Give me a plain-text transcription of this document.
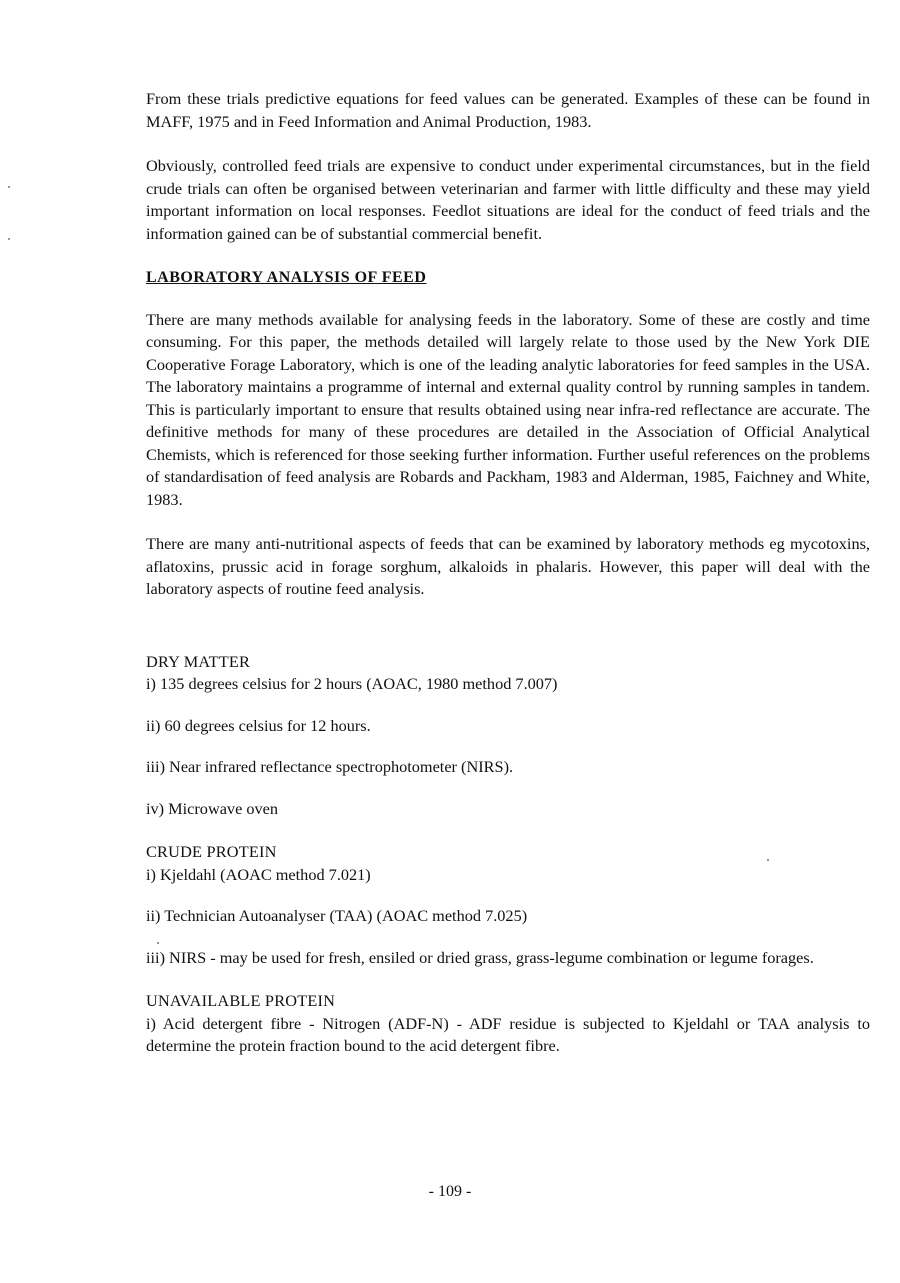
From these trials predictive equations for feed values can be generated. Examples of these can be found in MAFF, 1975 and in Feed Information and Animal Production, 1983.

Obviously, controlled feed trials are expensive to conduct under experimental circumstances, but in the field crude trials can often be organised between veterinarian and farmer with little difficulty and these may yield important information on local responses. Feedlot situations are ideal for the conduct of feed trials and the information gained can be of substantial commercial benefit.

LABORATORY ANALYSIS OF FEED

There are many methods available for analysing feeds in the laboratory. Some of these are costly and time consuming. For this paper, the methods detailed will largely relate to those used by the New York DIE Cooperative Forage Laboratory, which is one of the leading analytic laboratories for feed samples in the USA. The laboratory maintains a programme of internal and external quality control by running samples in tandem. This is particularly important to ensure that results obtained using near infra-red reflectance are accurate. The definitive methods for many of these procedures are detailed in the Association of Official Analytical Chemists, which is referenced for those seeking further information. Further useful references on the problems of standardisation of feed analysis are Robards and Packham, 1983 and Alderman, 1985, Faichney and White, 1983.

There are many anti-nutritional aspects of feeds that can be examined by laboratory methods eg mycotoxins, aflatoxins, prussic acid in forage sorghum, alkaloids in phalaris. However, this paper will deal with the laboratory aspects of routine feed analysis.

DRY MATTER

i) 135 degrees celsius for 2 hours (AOAC, 1980 method 7.007)

ii) 60 degrees celsius for 12 hours.

iii) Near infrared reflectance spectrophotometer (NIRS).

iv) Microwave oven

CRUDE PROTEIN

i) Kjeldahl (AOAC method 7.021)

ii) Technician Autoanalyser (TAA) (AOAC method 7.025)

iii) NIRS - may be used for fresh, ensiled or dried grass, grass-legume combination or legume forages.

UNAVAILABLE PROTEIN

i) Acid detergent fibre - Nitrogen (ADF-N) - ADF residue is subjected to Kjeldahl or TAA analysis to determine the protein fraction bound to the acid detergent fibre.

- 109 -
